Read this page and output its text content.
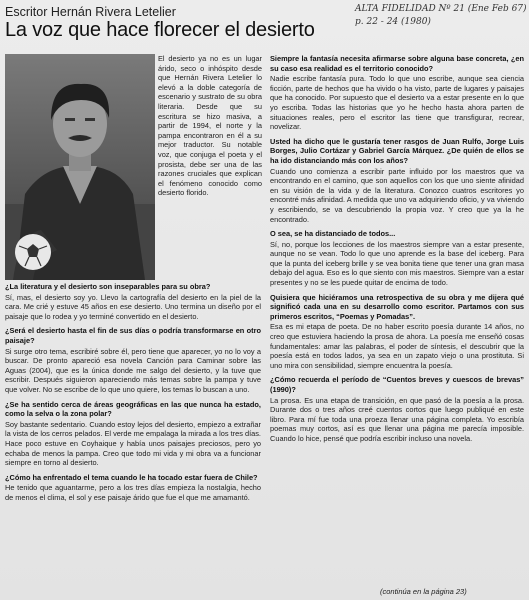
Escritor Hernán Rivera Letelier
La voz que hace florecer el desierto
ALTA FIDELIDAD Nº 21 (Ene Feb 67)
p. 22 - 24 (1980)

El desierto ya no es un lugar árido, seco o inhóspito desde que Hernán Rivera Letelier lo elevó a la doble categoría de escenario y sustrato de su obra literaria. Desde que su escritura se hizo masiva, a partir de 1994, el norte y la pampa encontraron en él a su mejor traductor. Su notable voz, que conjuga el poeta y el prosista, debe ser una de las razones cruciales que explican el fenómeno conocido como desierto florido.

¿La literatura y el desierto son inseparables para su obra?

Sí, mas, el desierto soy yo. Llevo la cartografía del desierto en la piel de la cara. Me crié y estuve 45 años en ese desierto. Uno termina un diseño por el paisaje que lo rodea y yo terminé convertido en el desierto.

¿Será el desierto hasta el fin de sus días o podría transformarse en otro paisaje?

Si surge otro tema, escribiré sobre él, pero tiene que aparecer, yo no lo voy a buscar. De pronto apareció esa novela Canción para Caminar sobre las Aguas (2004), que es la única donde me salgo del desierto, y la tuve que escribir. Después siguieron apareciendo más temas sobre la pampa y tuve que volver. No se escribe de lo que uno quiere, los temas lo buscan a uno.

¿Se ha sentido cerca de áreas geográficas en las que nunca ha estado, como la selva o la zona polar?

Soy bastante sedentario. Cuando estoy lejos del desierto, empiezo a extrañar la vista de los cerros pelados. El verde me empalaga la mirada a los tres días. Hace poco estuve en Coyhaique y había unos paisajes preciosos, pero yo echaba de menos la pampa. Creo que todo mi vida y mi obra va a funcionar siempre en torno al desierto.

¿Cómo ha enfrentado el tema cuando le ha tocado estar fuera de Chile?

He tenido que aguantarme, pero a los tres días empieza la nostalgia, hecho de menos el clima, el sol y ese paisaje árido que fue el que me amamantó.

Siempre la fantasía necesita afirmarse sobre alguna base concreta, ¿en su caso esa realidad es el territorio conocido?

Nadie escribe fantasía pura. Todo lo que uno escribe, aunque sea ciencia ficción, parte de hechos que ha vivido o ha visto, parte de lugares y paisajes que ha conocido. Por supuesto que el desierto va a estar presente en lo que yo escriba. Todas las historias que yo he hecho hasta ahora parten de situaciones reales, pero el escritor las tiene que transfigurar, recrear, novelizar.

Usted ha dicho que le gustaría tener rasgos de Juan Rulfo, Jorge Luis Borges, Julio Cortázar y Gabriel García Márquez. ¿De quién de ellos se ha ido distanciando más con los años?

Cuando uno comienza a escribir parte influido por los maestros que va encontrando en el camino, que son aquellos con los que uno siente afinidad en su visión de la vida y de la literatura. Conozco cuatros escritores yo encontré más afinidad. A medida que uno va adquiriendo oficio, y va viviendo y escribiendo, se va descubriendo la propia voz. Y creo que ya la he encontrado.

O sea, se ha distanciado de todos...

Sí, no, porque los lecciones de los maestros siempre van a estar presente, aunque no se vean. Todo lo que uno aprende es la base del iceberg. Para que la punta del iceberg brille y se vea bonita tiene que tener una gran masa debajo del agua. Eso es lo que siento con mis maestros. Siempre van a estar presentes y no se les puede quitar de encima de todo.

Quisiera que hiciéramos una retrospectiva de su obra y me dijera qué significó cada una en su desarrollo como escritor. Partamos con sus primeros escritos, “Poemas y Pomadas”.

Esa es mi etapa de poeta. De no haber escrito poesía durante 14 años, no creo que estuviera haciendo la prosa de ahora. La poesía me enseñó cosas fundamentales: amar las palabras, el poder de síntesis, el descubrir que la poesía está en todos lados, ya sea en un zapato viejo o una prostituta. Si uno mira con sensibilidad, siempre encuentra la poesía.

¿Cómo recuerda el período de “Cuentos breves y cuescos de brevas” (1990)?

La prosa. Es una etapa de transición, en que pasó de la poesía a la prosa. Durante dos o tres años creé cuentos cortos que luego publiqué en este libro. Para mí fue toda una proeza llenar una página completa. Yo escribía poemas muy cortos, así es que llenar una página me parecía imposible. Cuando lo hice, pensé que podría escribir incluso una novela.

(continúa en la página 23)
